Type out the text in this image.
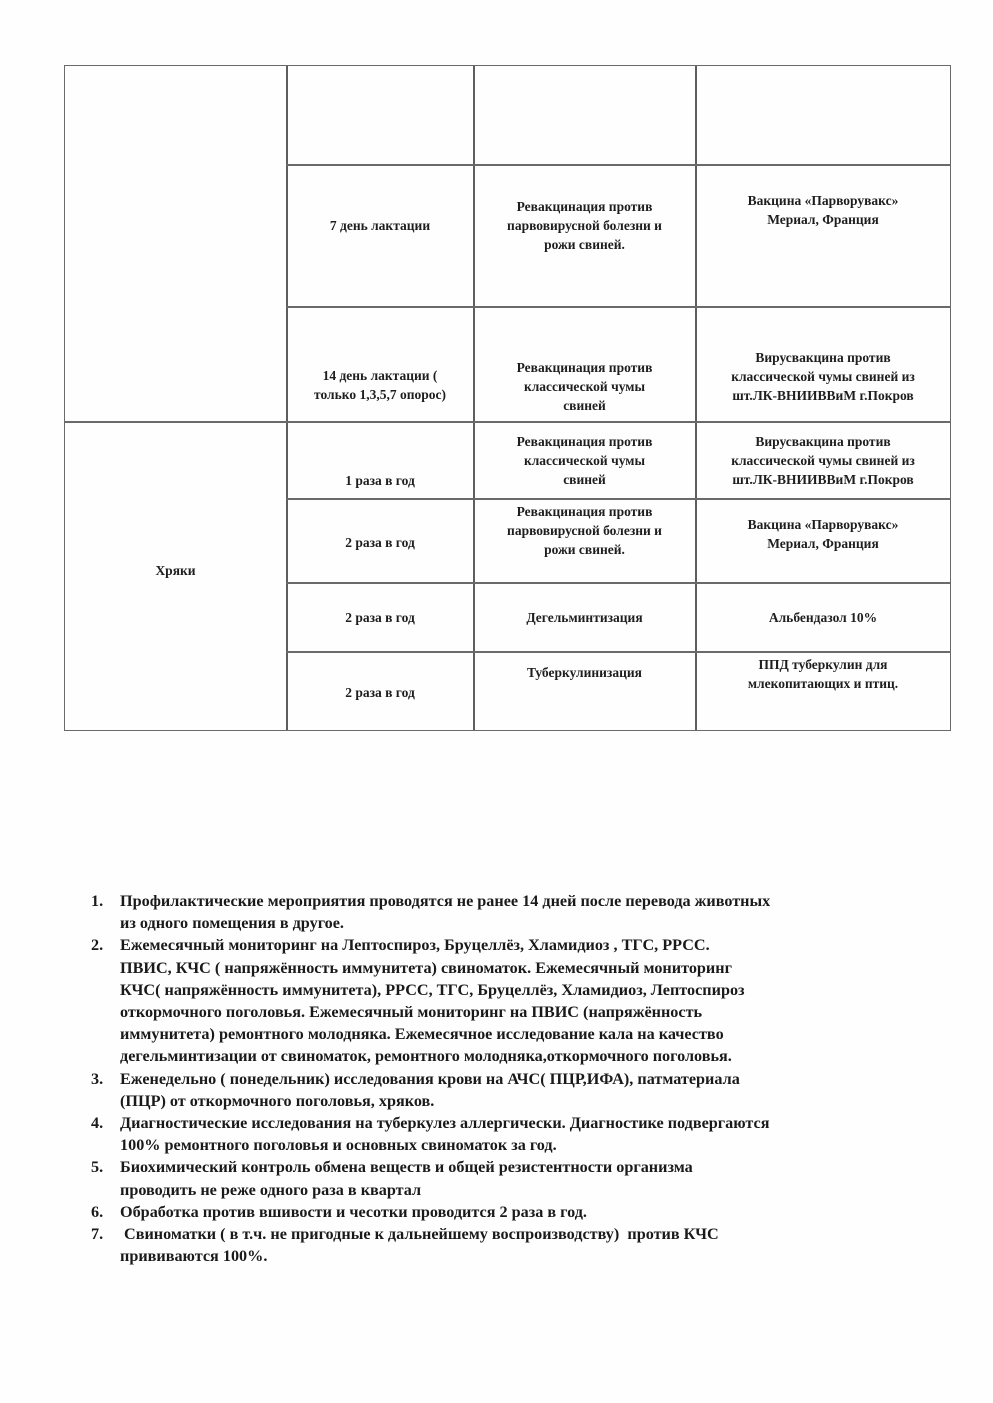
7 день лактации
Ревакцинация против
парвовирусной болезни и
рожи свиней.
Вакцина «Парворувакс»
Мериал, Франция
14 день лактации (
только 1,3,5,7 опорос)
Ревакцинация против
классической чумы
свиней
Вирусвакцина против
классической чумы свиней из
шт.ЛК-ВНИИВВиМ г.Покров
Хряки
1 раза в год
Ревакцинация против
классической чумы
свиней
Вирусвакцина против
классической чумы свиней из
шт.ЛК-ВНИИВВиМ г.Покров
2 раза в год
Ревакцинация против
парвовирусной болезни и
рожи свиней.
Вакцина «Парворувакс»
Мериал, Франция
2 раза в год	Дегельминтизация	Альбендазол 10%
2 раза в год
Туберкулинизация
ППД туберкулин для
млекопитающих и птиц.
1. Профилактические мероприятия проводятся не ранее 14 дней после перевода животных
из одного помещения в другое.
2. Ежемесячный мониторинг на Лептоспироз, Бруцеллёз, Хламидиоз , ТГС, РРСС.
ПВИС, КЧС ( напряжённость иммунитета) свиноматок. Ежемесячный мониторинг
КЧС( напряжённость иммунитета), РРСС, ТГС, Бруцеллёз, Хламидиоз, Лептоспироз
откормочного поголовья. Ежемесячный мониторинг на ПВИС (напряжённость
иммунитета) ремонтного молодняка. Ежемесячное исследование кала на качество
дегельминтизации от свиноматок, ремонтного молодняка,откормочного поголовья.
3. Еженедельно ( понедельник) исследования крови на АЧС( ПЦР,ИФА), патматериала
(ПЦР) от откормочного поголовья, хряков.
4. Диагностические исследования на туберкулез аллергически. Диагностике подвергаются
100% ремонтного поголовья и основных свиноматок за год.
5. Биохимический контроль обмена веществ и общей резистентности организма
проводить не реже одного раза в квартал
6. Обработка против вшивости и чесотки проводится 2 раза в год.
7. Свиноматки ( в т.ч. не пригодные к дальнейшему воспроизводству)  против КЧС
прививаются 100%.
